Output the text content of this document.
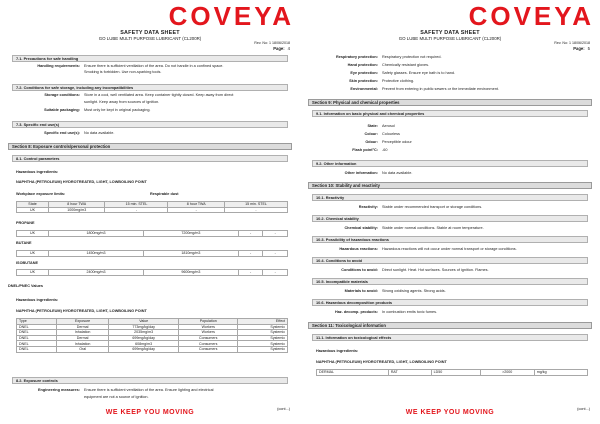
COVEYA
SAFETY DATA SHEET
GO LUBE MULTI PURPOSE LUBRICANT (CL200R)
Rev. No: 1 18/06/2018
Page: 4
7.1. Precautions for safe handling
Handling requirements: Ensure there is sufficient ventilation of the area. Do not handle in a confined space.
Smoking is forbidden. Use non-sparking tools.
7.2. Conditions for safe storage, including any incompatibilities
Storage conditions: Store in a cool, well ventilated area. Keep container tightly closed. Keep away from direct
sunlight. Keep away from sources of ignition.
Suitable packaging: Must only be kept in original packaging.
7.3. Specific end use(s)
Specific end use(s): No data available.
Section 8: Exposure controls/personal protection
8.1. Control parameters
Hazardous ingredients:
NAPHTHA (PETROLEUM) HYDROTREATED, LIGHT, LOWBOILING POINT
Workplace exposure limits:	Respirable dust
State	8 hour TWA	15 min. STEL	8 hour TWA	15 min. STEL
UK	1000mg/m3	-	-	-
PROPANE
UK	1800mg/m3	7200mg/m3	-	-
BUTANE
UK	1450mg/m3	1810mg/m3	-	-
ISOBUTANE
UK	2400mg/m3	9600mg/m3	-	-
DNEL/PNEC Values
Hazardous ingredients:
NAPHTHA (PETROLEUM) HYDROTREATED, LIGHT, LOWBOILING POINT
Type	Exposure	Value	Population	Effect
DNEL	Dermal	773mg/kg/day	Workers	Systemic
DNEL	Inhalation	2035mg/m3	Workers	Systemic
DNEL	Dermal	699mg/kg/day	Consumers	Systemic
DNEL	Inhalation	608mg/m3	Consumers	Systemic
DNEL	Oral	699mg/kg/day	Consumers	Systemic
8.2. Exposure controls
Engineering measures: Ensure there is sufficient ventilation of the area. Ensure lighting and electrical
equipment are not a source of ignition.
(cont...)
WE KEEP YOU MOVING
COVEYA
SAFETY DATA SHEET
GO LUBE MULTI PURPOSE LUBRICANT (CL200R)
Rev. No: 1 18/06/2018
Page: 5
Respiratory protection: Respiratory protection not required.
Hand protection: Chemically resistant gloves.
Eye protection: Safety glasses. Ensure eye bath is to hand.
Skin protection: Protective clothing.
Environmental: Prevent from entering in public sewers or the immediate environment.
Section 9: Physical and chemical properties
9.1. Information on basic physical and chemical properties
State: Aerosol
Colour: Colourless
Odour: Perceptible odour
Flash point°C: -60
9.2. Other information
Other information: No data available.
Section 10: Stability and reactivity
10.1. Reactivity
Reactivity: Stable under recommended transport or storage conditions.
10.2. Chemical stability
Chemical stability: Stable under normal conditions. Stable at room temperature.
10.3. Possibility of hazardous reactions
Hazardous reactions: Hazardous reactions will not occur under normal transport or storage conditions.
10.4. Conditions to avoid
Conditions to avoid: Direct sunlight. Heat. Hot surfaces. Sources of ignition. Flames.
10.5. Incompatible materials
Materials to avoid: Strong oxidising agents. Strong acids.
10.6. Hazardous decomposition products
Haz. decomp. products: In combustion emits toxic fumes.
Section 11: Toxicological information
11.1. Information on toxicological effects
Hazardous ingredients:
NAPHTHA (PETROLEUM) HYDROTREATED, LIGHT, LOWBOILING POINT
DERMAL	RAT	LD50	>2000	mg/kg
(cont...)
WE KEEP YOU MOVING
